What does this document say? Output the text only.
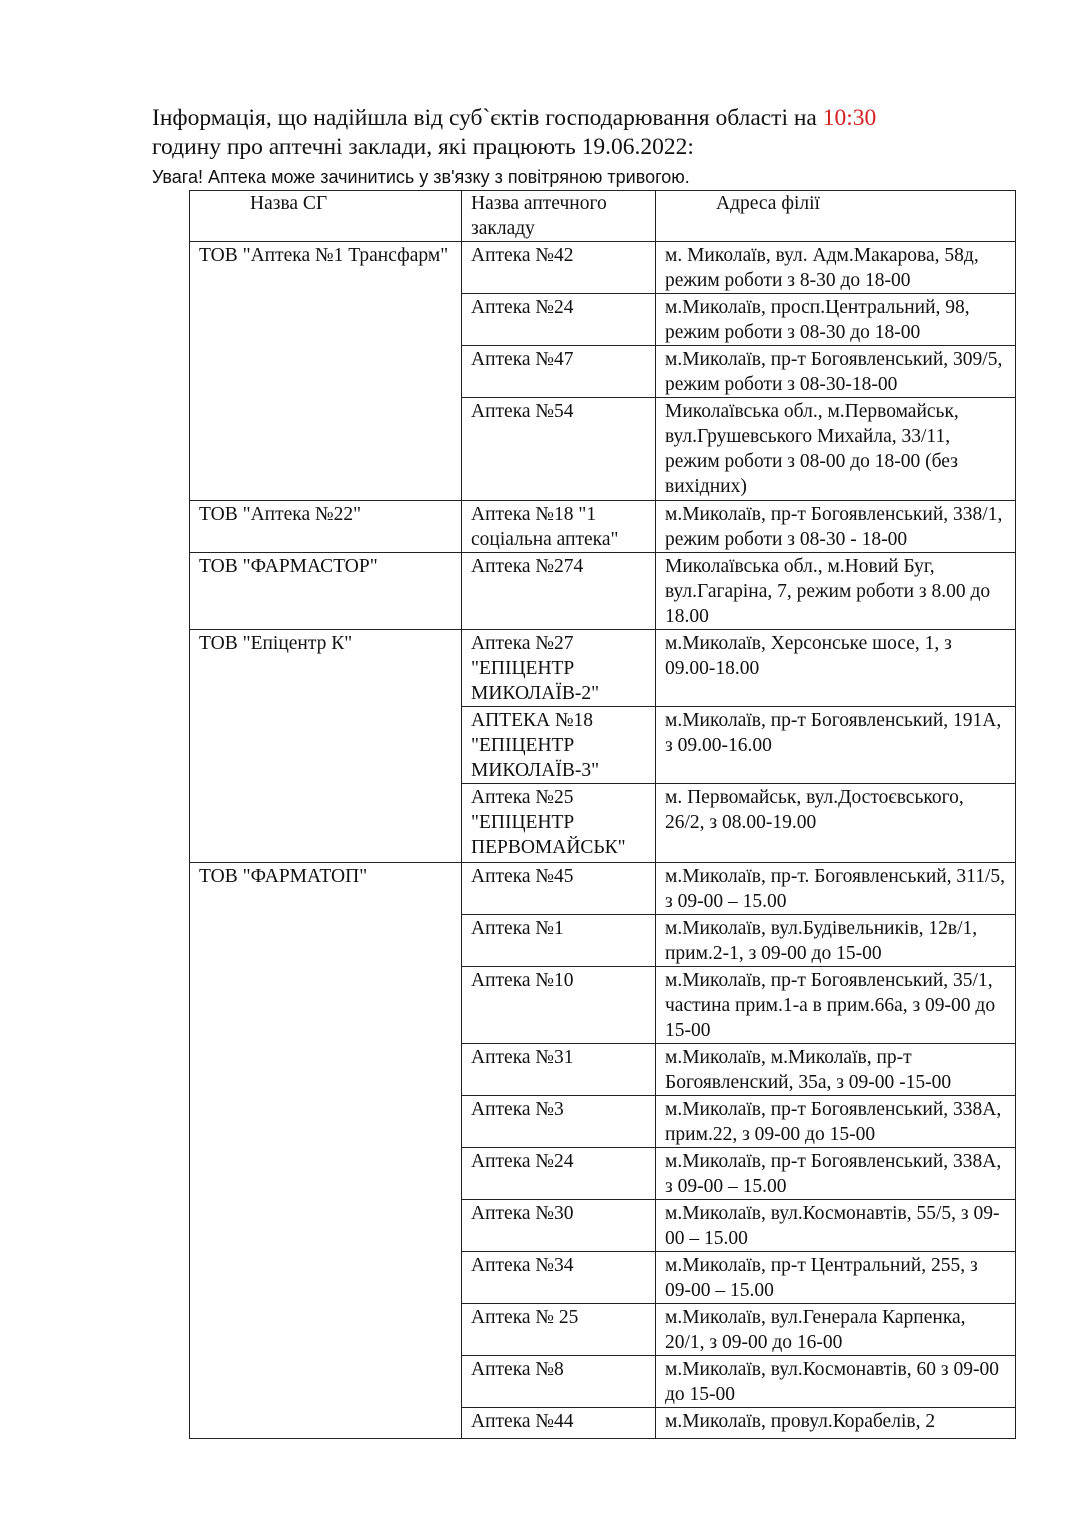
Інформація, що надійшла від суб`єктів господарювання області на 10:30
годину про аптечні заклади, які працюють 19.06.2022:

Увага! Аптека може зачинитись у зв'язку з повітряною тривогою.

Назва СГ	Назва аптечного закладу	Адреса філії
ТОВ "Аптека №1 Трансфарм"	Аптека №42	м. Миколаїв, вул. Адм.Макарова, 58д, режим роботи з 8-30 до 18-00
	Аптека №24	м.Миколаїв, просп.Центральний, 98, режим роботи з 08-30 до 18-00
	Аптека №47	м.Миколаїв, пр-т Богоявленський, 309/5, режим роботи з 08-30-18-00
	Аптека №54	Миколаївська обл., м.Первомайськ, вул.Грушевського Михайла, 33/11, режим роботи з 08-00 до 18-00 (без вихідних)
ТОВ "Аптека №22"	Аптека №18 "1 соціальна аптека"	м.Миколаїв, пр-т Богоявленський, 338/1, режим роботи з 08-30 - 18-00
ТОВ "ФАРМАСТОР"	Аптека №274	Миколаївська обл., м.Новий Буг, вул.Гагаріна, 7, режим роботи з 8.00 до 18.00
ТОВ "Епіцентр К"	Аптека №27 "ЕПІЦЕНТР МИКОЛАЇВ-2"	м.Миколаїв, Херсонське шосе, 1, з 09.00-18.00
	АПТЕКА №18 "ЕПІЦЕНТР МИКОЛАЇВ-3"	м.Миколаїв, пр-т Богоявленський, 191А, з 09.00-16.00
	Аптека №25 "ЕПІЦЕНТР ПЕРВОМАЙСЬК"	м. Первомайськ, вул.Достоєвського, 26/2, з 08.00-19.00
ТОВ "ФАРМАТОП"	Аптека №45	м.Миколаїв, пр-т. Богоявленський, 311/5, з 09-00 – 15.00
	Аптека №1	м.Миколаїв, вул.Будівельників, 12в/1, прим.2-1, з 09-00 до 15-00
	Аптека №10	м.Миколаїв, пр-т Богоявленський, 35/1, частина прим.1-а в прим.66а, з 09-00 до 15-00
	Аптека №31	м.Миколаїв, м.Миколаїв, пр-т Богоявленский, 35а, з 09-00 -15-00
	Аптека №3	м.Миколаїв, пр-т Богоявленський, 338А, прим.22, з 09-00 до 15-00
	Аптека №24	м.Миколаїв, пр-т Богоявленський, 338А, з 09-00 – 15.00
	Аптека №30	м.Миколаїв, вул.Космонавтів, 55/5, з 09-00 – 15.00
	Аптека №34	м.Миколаїв, пр-т Центральний, 255, з 09-00 – 15.00
	Аптека № 25	м.Миколаїв, вул.Генерала Карпенка, 20/1, з 09-00 до 16-00
	Аптека №8	м.Миколаїв, вул.Космонавтів, 60 з 09-00 до 15-00
	Аптека №44	м.Миколаїв, провул.Корабелів, 2
